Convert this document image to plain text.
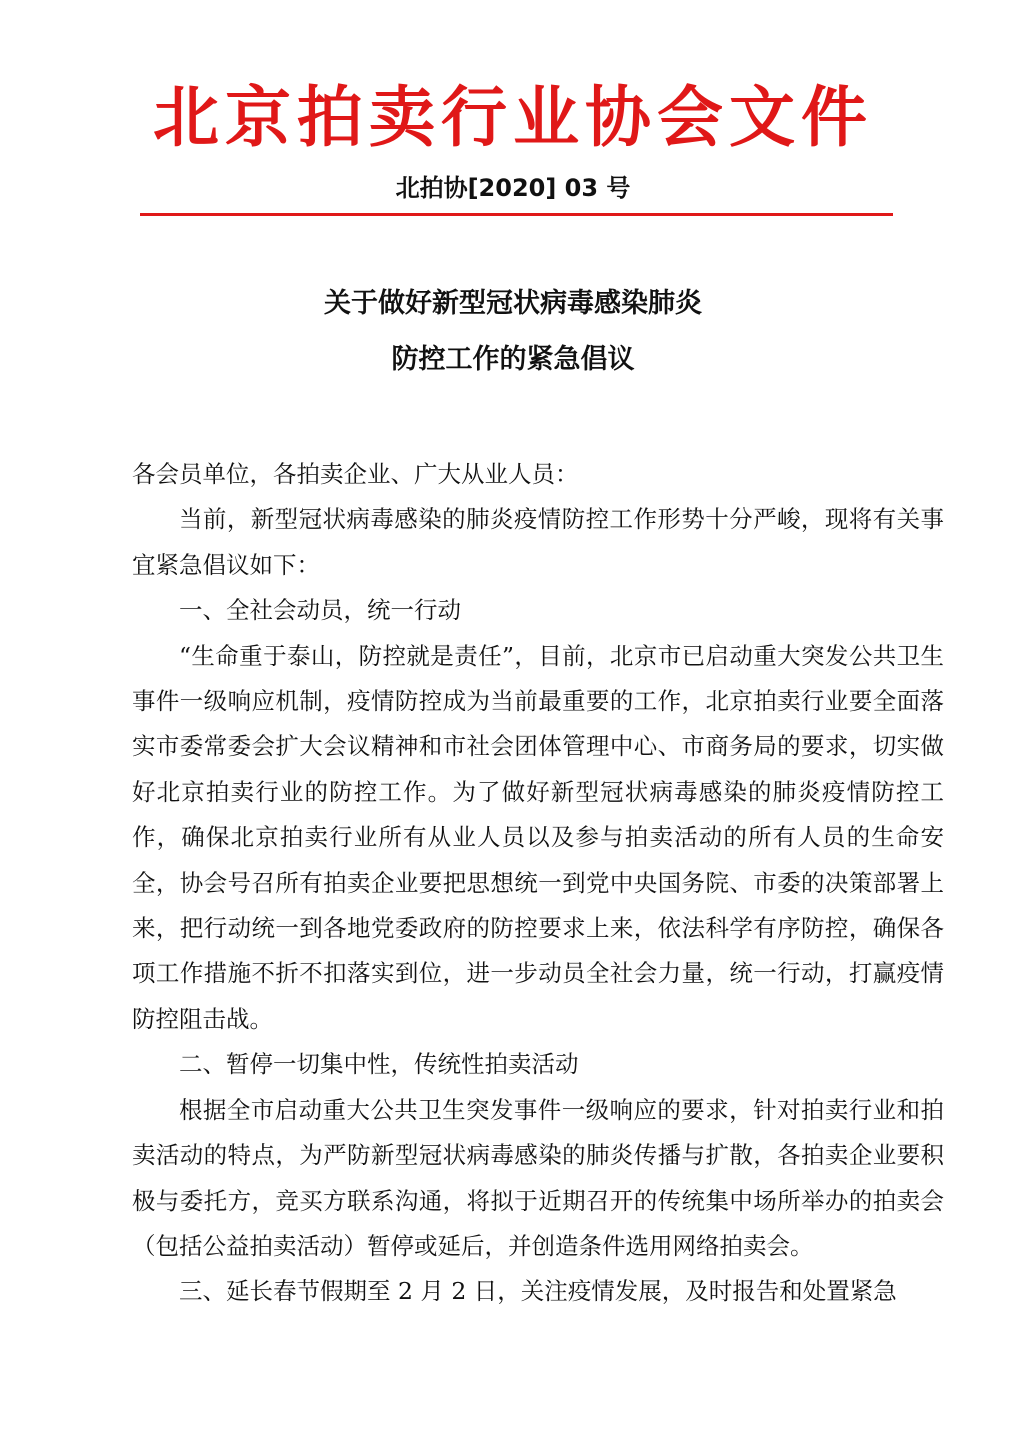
北京拍卖行业协会文件
北拍协[2020] 03 号
关于做好新型冠状病毒感染肺炎
防控工作的紧急倡议

各会员单位，各拍卖企业、广大从业人员：

当前，新型冠状病毒感染的肺炎疫情防控工作形势十分严峻，现将有关事宜紧急倡议如下：

一、全社会动员，统一行动

“生命重于泰山，防控就是责任”，目前，北京市已启动重大突发公共卫生事件一级响应机制，疫情防控成为当前最重要的工作，北京拍卖行业要全面落实市委常委会扩大会议精神和市社会团体管理中心、市商务局的要求，切实做好北京拍卖行业的防控工作。为了做好新型冠状病毒感染的肺炎疫情防控工作，确保北京拍卖行业所有从业人员以及参与拍卖活动的所有人员的生命安全，协会号召所有拍卖企业要把思想统一到党中央国务院、市委的决策部署上来，把行动统一到各地党委政府的防控要求上来，依法科学有序防控，确保各项工作措施不折不扣落实到位，进一步动员全社会力量，统一行动，打赢疫情防控阻击战。

二、暂停一切集中性，传统性拍卖活动

根据全市启动重大公共卫生突发事件一级响应的要求，针对拍卖行业和拍卖活动的特点，为严防新型冠状病毒感染的肺炎传播与扩散，各拍卖企业要积极与委托方，竞买方联系沟通，将拟于近期召开的传统集中场所举办的拍卖会（包括公益拍卖活动）暂停或延后，并创造条件选用网络拍卖会。

三、延长春节假期至 2 月 2 日，关注疫情发展，及时报告和处置紧急
